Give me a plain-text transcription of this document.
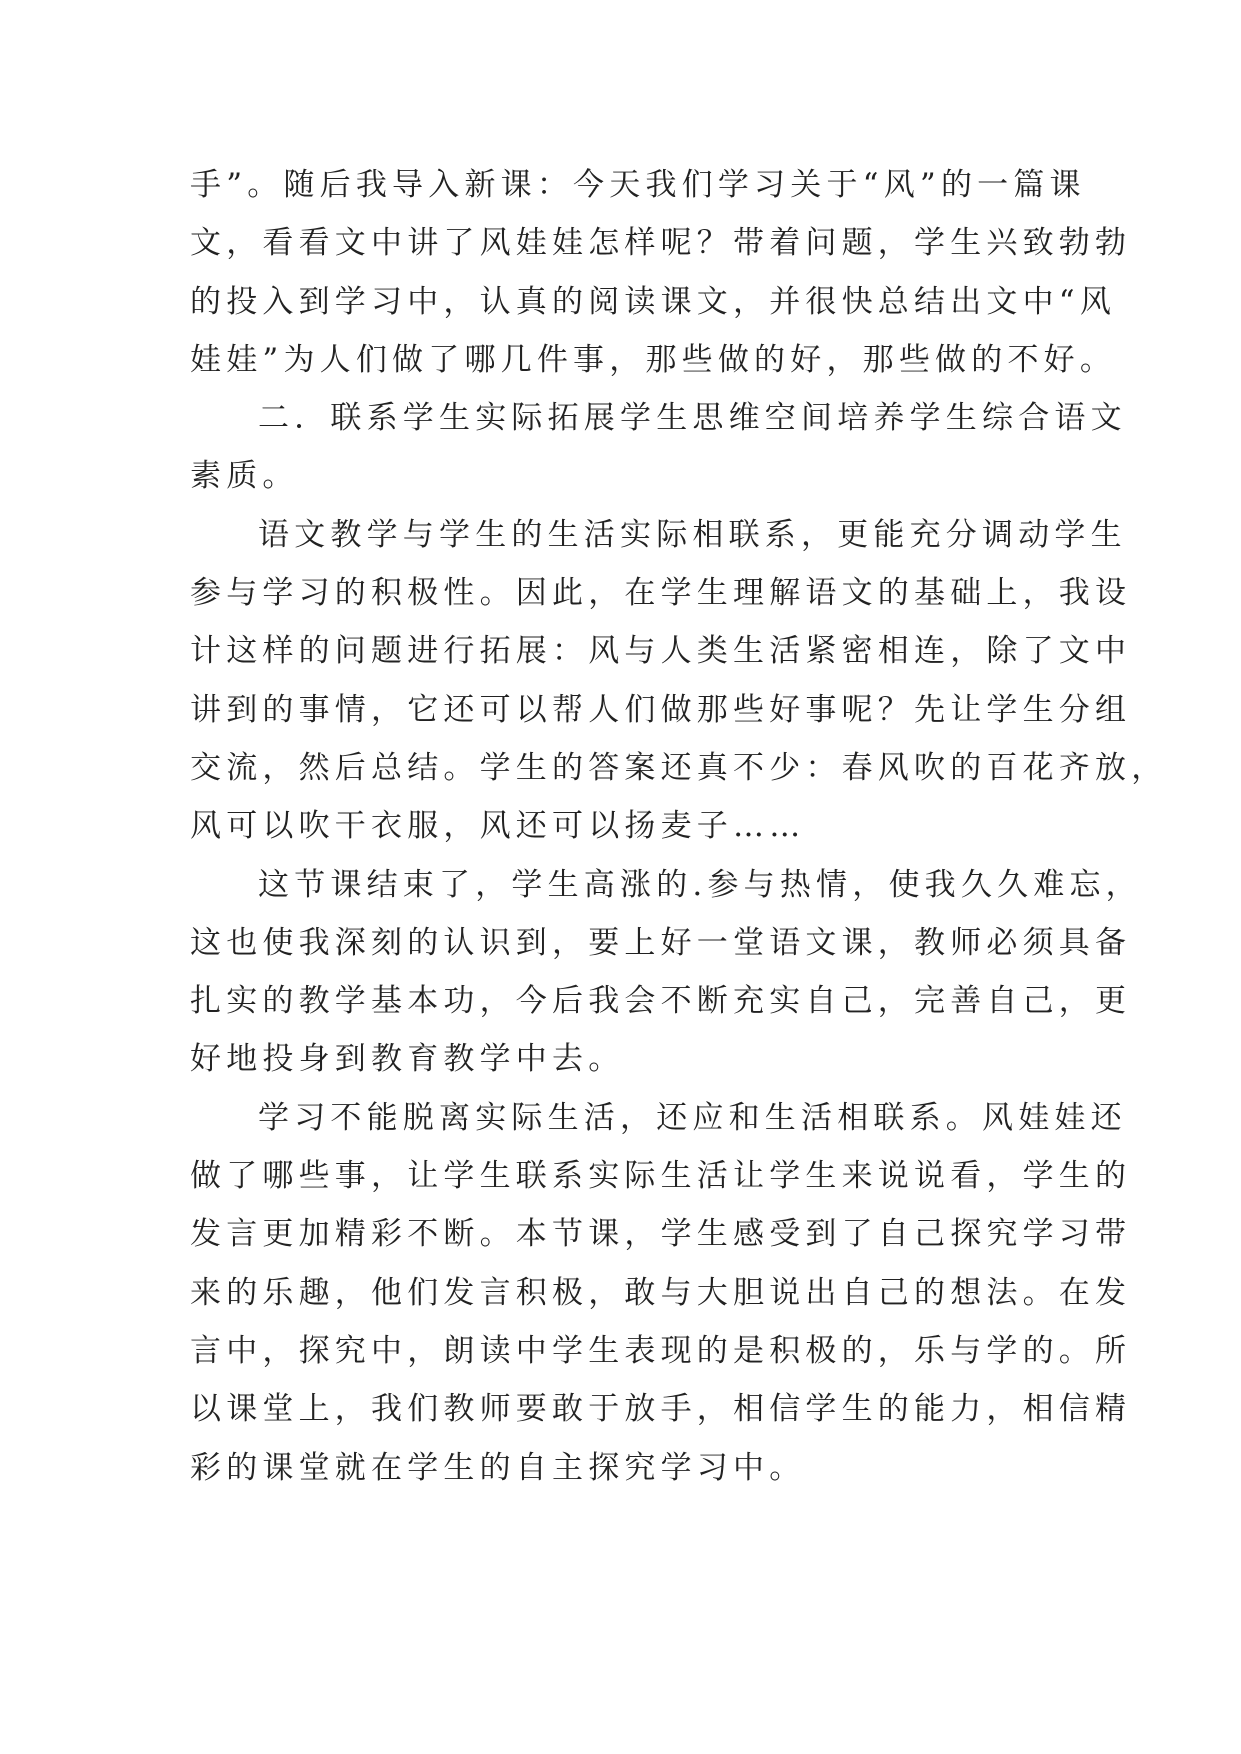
手”。随后我导入新课：今天我们学习关于“风”的一篇课
文，看看文中讲了风娃娃怎样呢？带着问题，学生兴致勃勃
的投入到学习中，认真的阅读课文，并很快总结出文中“风
娃娃”为人们做了哪几件事，那些做的好，那些做的不好。
二．联系学生实际拓展学生思维空间培养学生综合语文
素质。
语文教学与学生的生活实际相联系，更能充分调动学生
参与学习的积极性。因此，在学生理解语文的基础上，我设
计这样的问题进行拓展：风与人类生活紧密相连，除了文中
讲到的事情，它还可以帮人们做那些好事呢？先让学生分组
交流，然后总结。学生的答案还真不少：春风吹的百花齐放，
风可以吹干衣服，风还可以扬麦子……
这节课结束了，学生高涨的.参与热情，使我久久难忘，
这也使我深刻的认识到，要上好一堂语文课，教师必须具备
扎实的教学基本功，今后我会不断充实自己，完善自己，更
好地投身到教育教学中去。
学习不能脱离实际生活，还应和生活相联系。风娃娃还
做了哪些事，让学生联系实际生活让学生来说说看，学生的
发言更加精彩不断。本节课，学生感受到了自己探究学习带
来的乐趣，他们发言积极，敢与大胆说出自己的想法。在发
言中，探究中，朗读中学生表现的是积极的，乐与学的。所
以课堂上，我们教师要敢于放手，相信学生的能力，相信精
彩的课堂就在学生的自主探究学习中。
